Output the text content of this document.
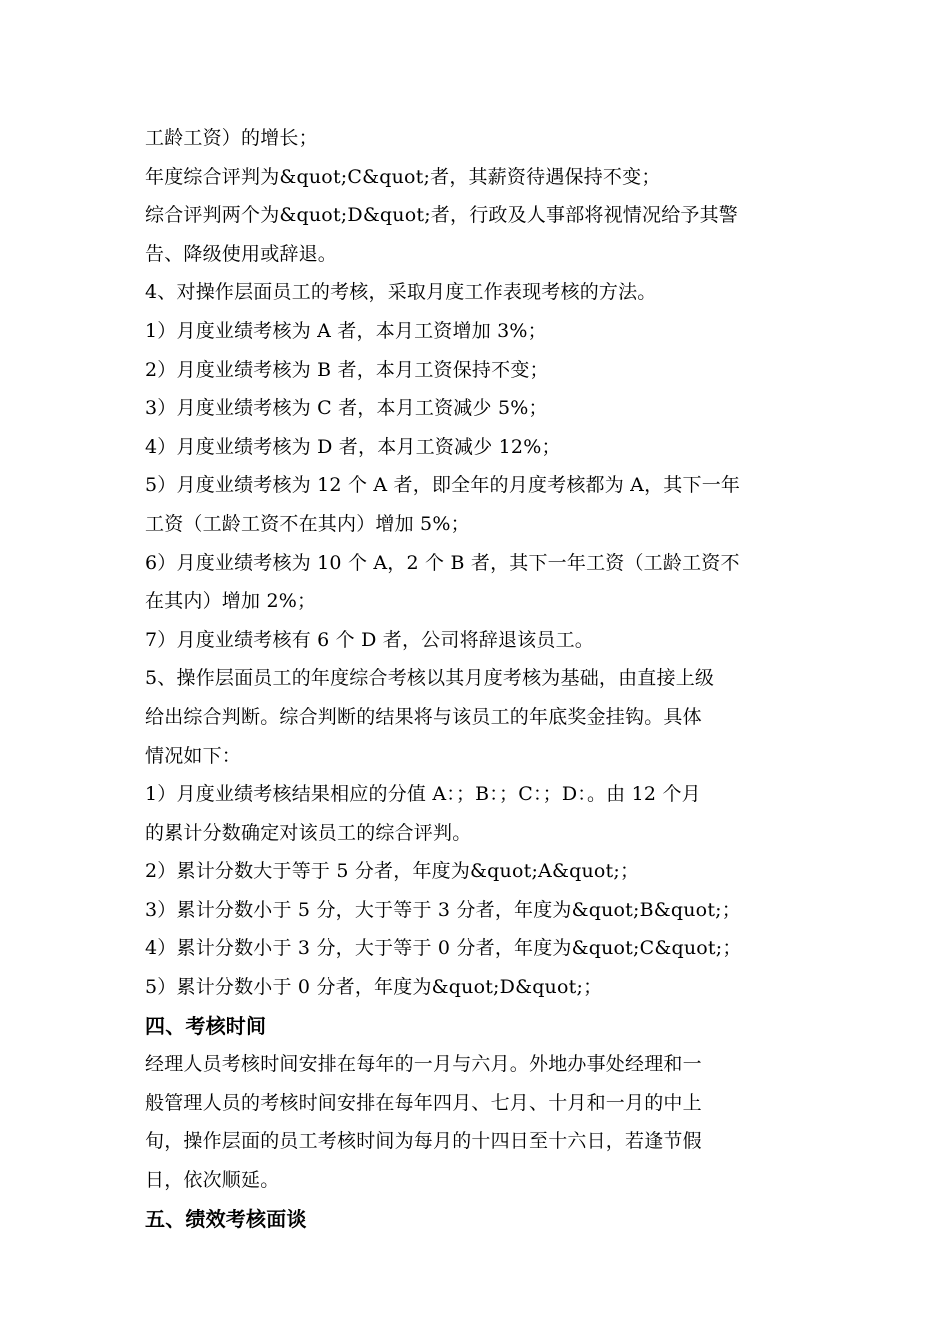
工龄工资）的增长；
年度综合评判为&quot;C&quot;者，其薪资待遇保持不变；
综合评判两个为&quot;D&quot;者，行政及人事部将视情况给予其警
告、降级使用或辞退。
4、对操作层面员工的考核，采取月度工作表现考核的方法。
1）月度业绩考核为 A 者，本月工资增加 3%；
2）月度业绩考核为 B 者，本月工资保持不变；
3）月度业绩考核为 C 者，本月工资减少 5%；
4）月度业绩考核为 D 者，本月工资减少 12%；
5）月度业绩考核为 12 个 A 者，即全年的月度考核都为 A，其下一年
工资（工龄工资不在其内）增加 5%；
6）月度业绩考核为 10 个 A，2 个 B 者，其下一年工资（工龄工资不
在其内）增加 2%；
7）月度业绩考核有 6 个 D 者，公司将辞退该员工。
5、操作层面员工的年度综合考核以其月度考核为基础，由直接上级
给出综合判断。综合判断的结果将与该员工的年底奖金挂钩。具体
情况如下：
1）月度业绩考核结果相应的分值 A：；B：；C：；D：。由 12 个月
的累计分数确定对该员工的综合评判。
2）累计分数大于等于 5 分者，年度为&quot;A&quot;；
3）累计分数小于 5 分，大于等于 3 分者，年度为&quot;B&quot;；
4）累计分数小于 3 分，大于等于 0 分者，年度为&quot;C&quot;；
5）累计分数小于 0 分者，年度为&quot;D&quot;；
四、考核时间
经理人员考核时间安排在每年的一月与六月。外地办事处经理和一
般管理人员的考核时间安排在每年四月、七月、十月和一月的中上
旬，操作层面的员工考核时间为每月的十四日至十六日，若逢节假
日，依次顺延。
五、绩效考核面谈
